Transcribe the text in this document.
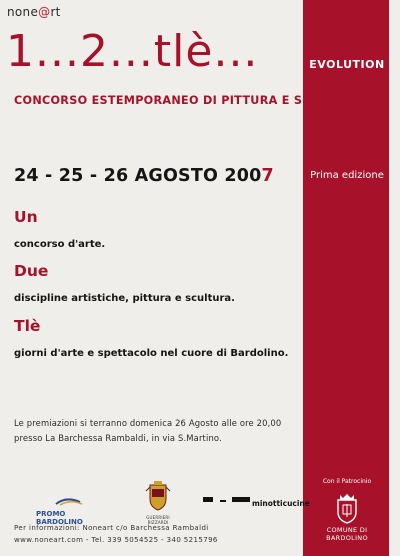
none@rt
1...2...tlè...	EVOLUTION
CONCORSO ESTEMPORANEO DI PITTURA E SCULTURA
24 - 25 - 26 AGOSTO 2007	Prima edizione
Un
concorso d'arte.
Due
discipline artistiche, pittura e scultura.
Tlè
giorni d'arte e spettacolo nel cuore di Bardolino.
Le premiazioni si terranno domenica 26 Agosto alle ore 20,00 presso La Barchessa Rambaldi, in via S.Martino.
Con il Patrocinio
COMUNE DI
BARDOLINO
PROMO
BARDOLINO
GUERRIERI RIZZARDI
minotticucine
Per informazioni: Noneart c/o Barchessa Rambaldi
www.noneart.com - Tel. 339 5054525 - 340 5215796
